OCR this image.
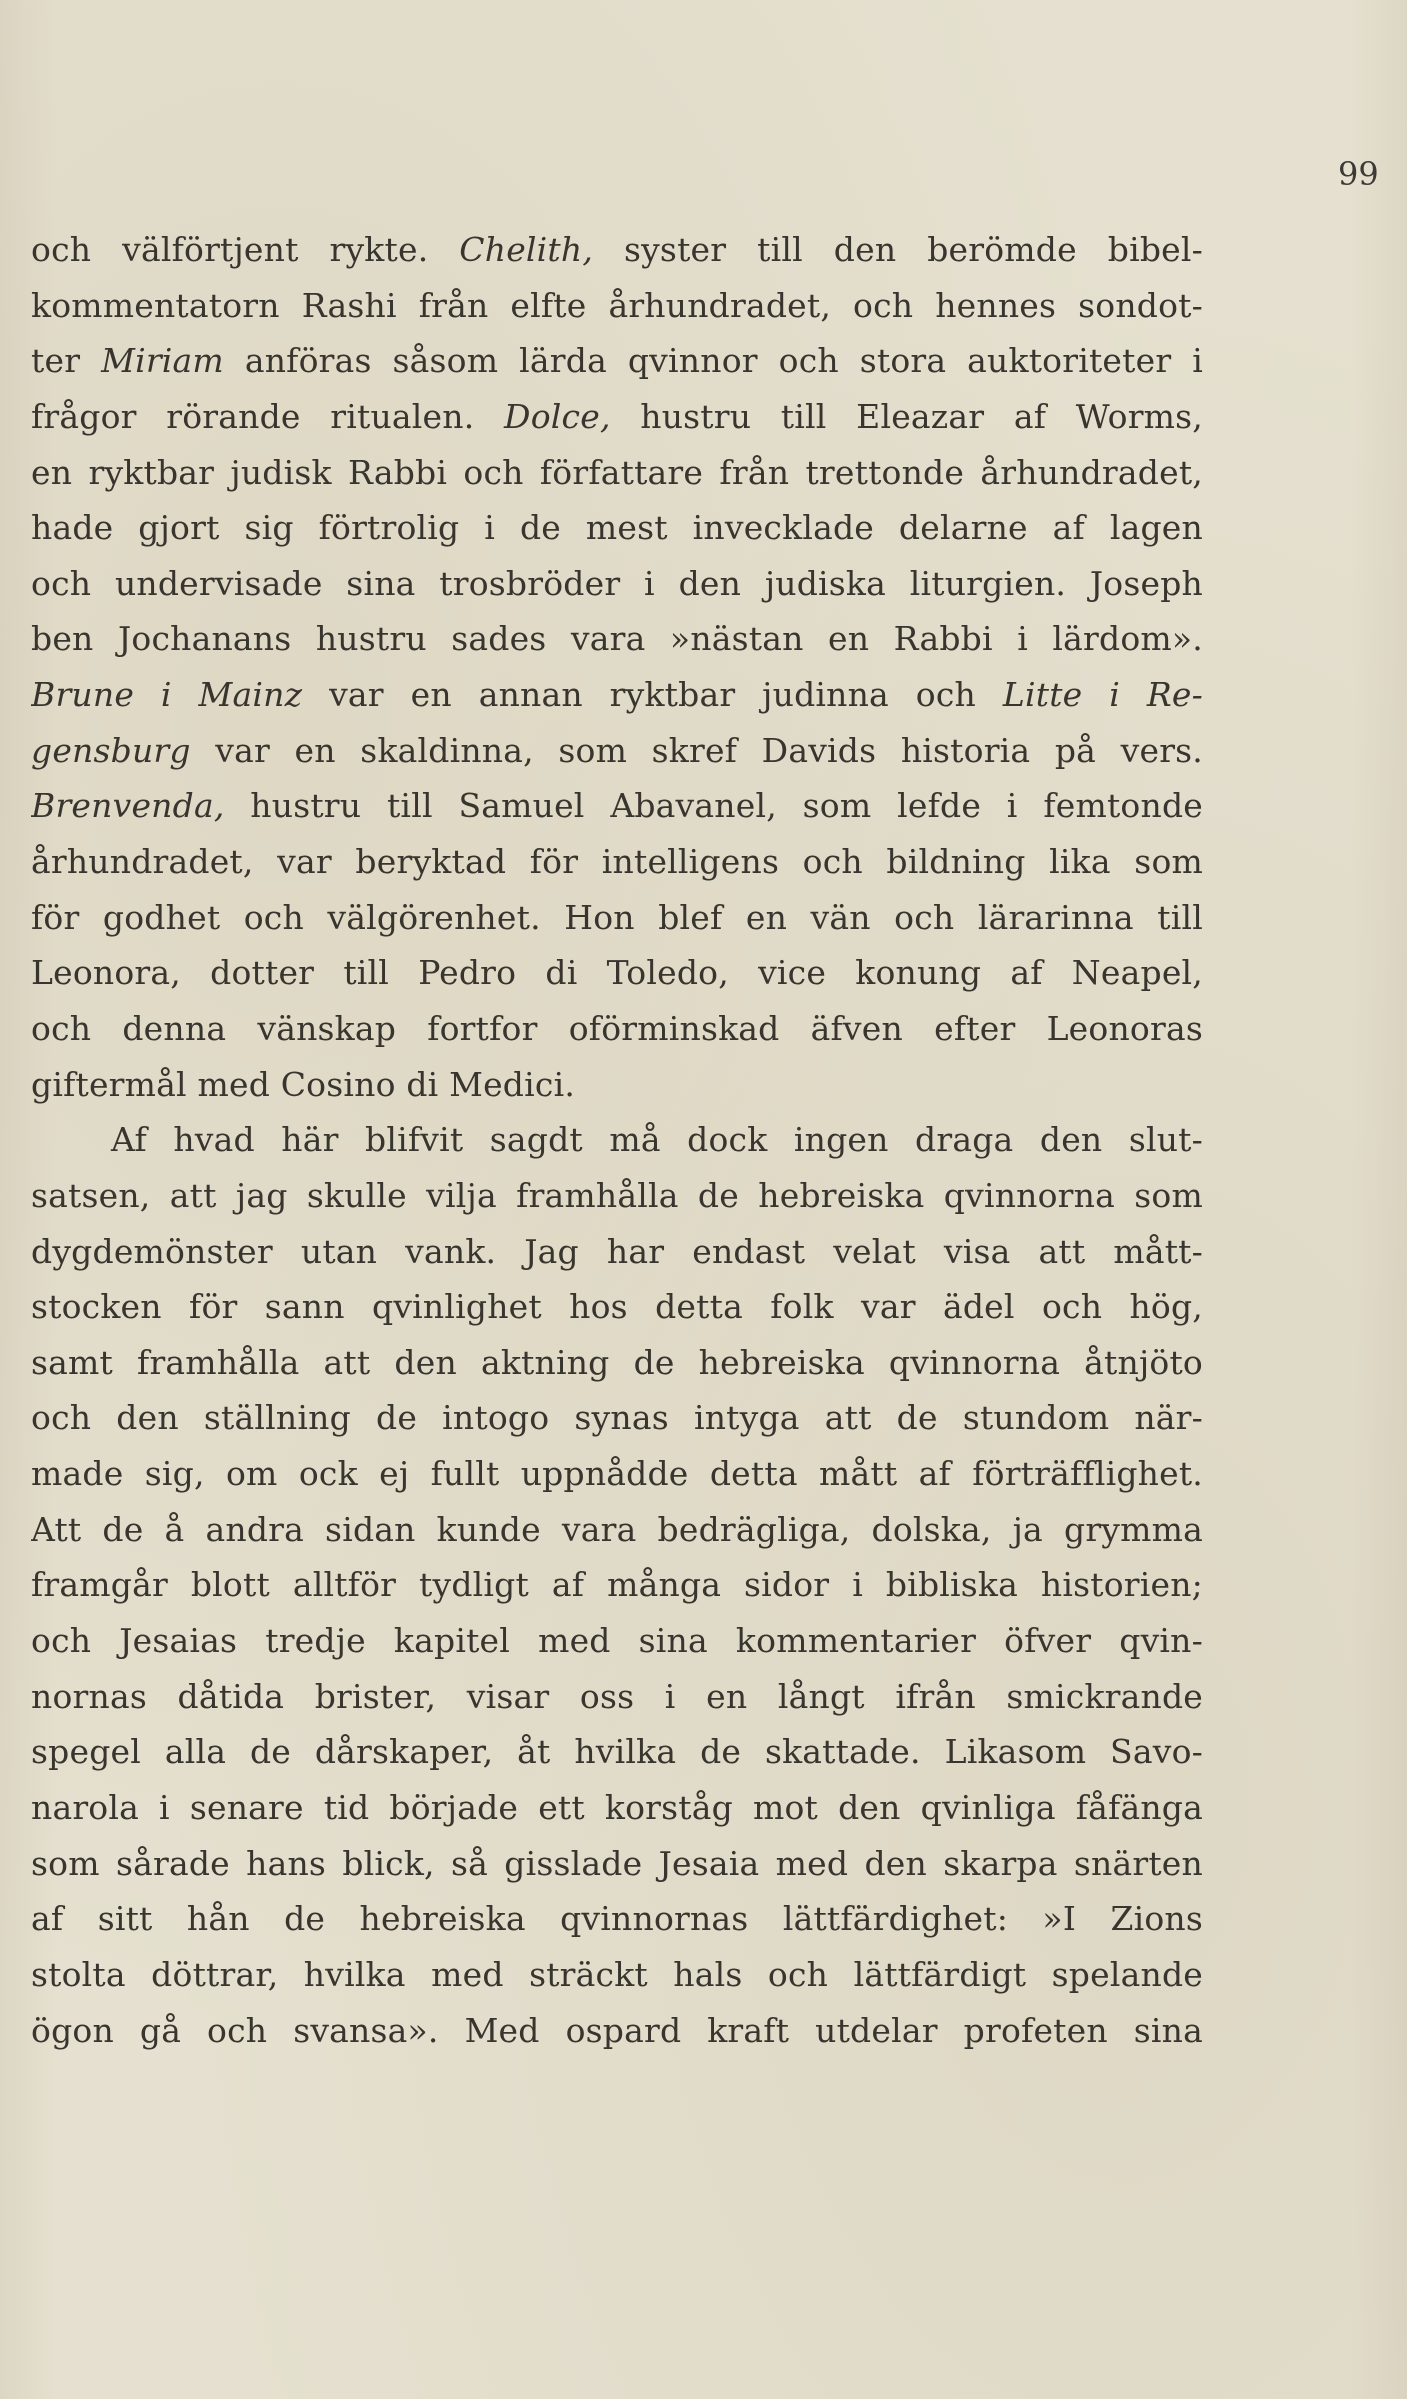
99
och välförtjent rykte. Chelith, syster till den berömde bibel-
kommentatorn Rashi från elfte århundradet, och hennes sondot-
ter Miriam anföras såsom lärda qvinnor och stora auktoriteter i
frågor rörande ritualen. Dolce, hustru till Eleazar af Worms,
en ryktbar judisk Rabbi och författare från trettonde århundradet,
hade gjort sig förtrolig i de mest invecklade delarne af lagen
och undervisade sina trosbröder i den judiska liturgien. Joseph
ben Jochanans hustru sades vara »nästan en Rabbi i lärdom».
Brune i Mainz var en annan ryktbar judinna och Litte i Re-
gensburg var en skaldinna, som skref Davids historia på vers.
Brenvenda, hustru till Samuel Abavanel, som lefde i femtonde
århundradet, var beryktad för intelligens och bildning lika som
för godhet och välgörenhet. Hon blef en vän och lärarinna till
Leonora, dotter till Pedro di Toledo, vice konung af Neapel,
och denna vänskap fortfor oförminskad äfven efter Leonoras
giftermål med Cosino di Medici.
Af hvad här blifvit sagdt må dock ingen draga den slut-
satsen, att jag skulle vilja framhålla de hebreiska qvinnorna som
dygdemönster utan vank. Jag har endast velat visa att mått-
stocken för sann qvinlighet hos detta folk var ädel och hög,
samt framhålla att den aktning de hebreiska qvinnorna åtnjöto
och den ställning de intogo synas intyga att de stundom när-
made sig, om ock ej fullt uppnådde detta mått af förträfflighet.
Att de å andra sidan kunde vara bedrägliga, dolska, ja grymma
framgår blott alltför tydligt af många sidor i bibliska historien;
och Jesaias tredje kapitel med sina kommentarier öfver qvin-
nornas dåtida brister, visar oss i en långt ifrån smickrande
spegel alla de dårskaper, åt hvilka de skattade. Likasom Savo-
narola i senare tid började ett korståg mot den qvinliga fåfänga
som sårade hans blick, så gisslade Jesaia med den skarpa snärten
af sitt hån de hebreiska qvinnornas lättfärdighet: »I Zions
stolta döttrar, hvilka med sträckt hals och lättfärdigt spelande
ögon gå och svansa». Med ospard kraft utdelar profeten sina
